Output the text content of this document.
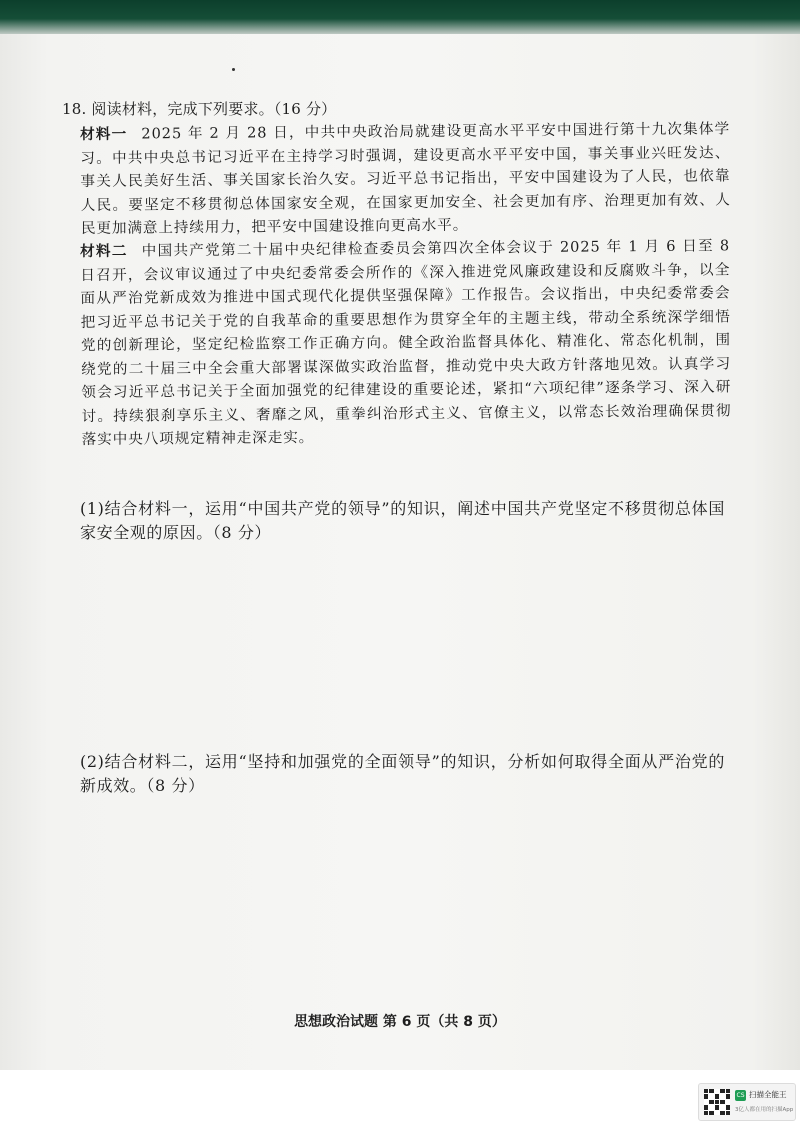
18. 阅读材料，完成下列要求。（16 分）
材料一 2025 年 2 月 28 日，中共中央政治局就建设更高水平平安中国进行第十九次集体学习。中共中央总书记习近平在主持学习时强调，建设更高水平平安中国，事关事业兴旺发达、事关人民美好生活、事关国家长治久安。习近平总书记指出，平安中国建设为了人民，也依靠人民。要坚定不移贯彻总体国家安全观，在国家更加安全、社会更加有序、治理更加有效、人民更加满意上持续用力，把平安中国建设推向更高水平。
材料二 中国共产党第二十届中央纪律检查委员会第四次全体会议于 2025 年 1 月 6 日至 8 日召开，会议审议通过了中央纪委常委会所作的《深入推进党风廉政建设和反腐败斗争，以全面从严治党新成效为推进中国式现代化提供坚强保障》工作报告。会议指出，中央纪委常委会把习近平总书记关于党的自我革命的重要思想作为贯穿全年的主题主线，带动全系统深学细悟党的创新理论，坚定纪检监察工作正确方向。健全政治监督具体化、精准化、常态化机制，围绕党的二十届三中全会重大部署谋深做实政治监督，推动党中央大政方针落地见效。认真学习领会习近平总书记关于全面加强党的纪律建设的重要论述，紧扣“六项纪律”逐条学习、深入研讨。持续狠刹享乐主义、奢靡之风，重拳纠治形式主义、官僚主义，以常态长效治理确保贯彻落实中央八项规定精神走深走实。
(1)结合材料一，运用“中国共产党的领导”的知识，阐述中国共产党坚定不移贯彻总体国家安全观的原因。（8 分）
(2)结合材料二，运用“坚持和加强党的全面领导”的知识，分析如何取得全面从严治党的新成效。（8 分）
思想政治试题 第 6 页（共 8 页）
CS 扫描全能王
3亿人都在用的扫描App
